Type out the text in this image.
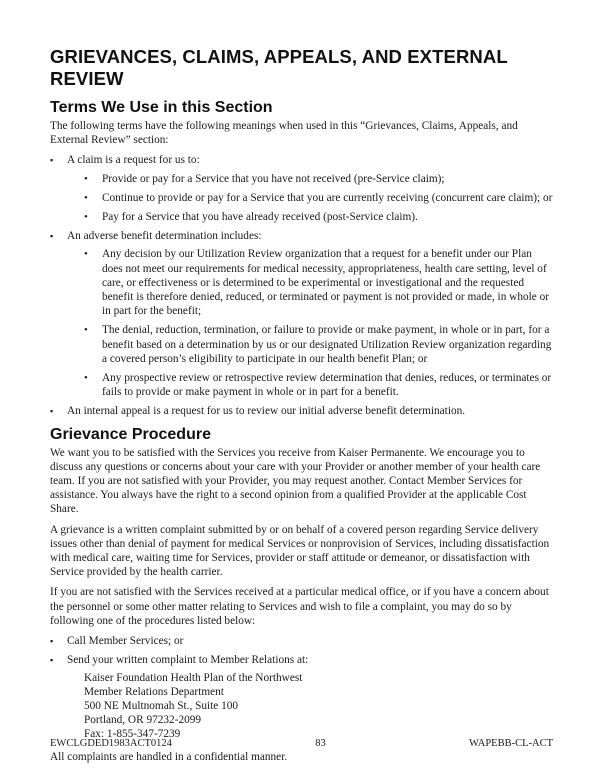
GRIEVANCES, CLAIMS, APPEALS, AND EXTERNAL REVIEW
Terms We Use in this Section

The following terms have the following meanings when used in this “Grievances, Claims, Appeals, and External Review” section:

▪ A claim is a request for us to:
• Provide or pay for a Service that you have not received (pre-Service claim);
• Continue to provide or pay for a Service that you are currently receiving (concurrent care claim); or
• Pay for a Service that you have already received (post-Service claim).
▪ An adverse benefit determination includes:
• Any decision by our Utilization Review organization that a request for a benefit under our Plan does not meet our requirements for medical necessity, appropriateness, health care setting, level of care, or effectiveness or is determined to be experimental or investigational and the requested benefit is therefore denied, reduced, or terminated or payment is not provided or made, in whole or in part for the benefit;
• The denial, reduction, termination, or failure to provide or make payment, in whole or in part, for a benefit based on a determination by us or our designated Utilization Review organization regarding a covered person’s eligibility to participate in our health benefit Plan; or
• Any prospective review or retrospective review determination that denies, reduces, or terminates or fails to provide or make payment in whole or in part for a benefit.
▪ An internal appeal is a request for us to review our initial adverse benefit determination.
Grievance Procedure

We want you to be satisfied with the Services you receive from Kaiser Permanente. We encourage you to discuss any questions or concerns about your care with your Provider or another member of your health care team. If you are not satisfied with your Provider, you may request another. Contact Member Services for assistance. You always have the right to a second opinion from a qualified Provider at the applicable Cost Share.

A grievance is a written complaint submitted by or on behalf of a covered person regarding Service delivery issues other than denial of payment for medical Services or nonprovision of Services, including dissatisfaction with medical care, waiting time for Services, provider or staff attitude or demeanor, or dissatisfaction with Service provided by the health carrier.

If you are not satisfied with the Services received at a particular medical office, or if you have a concern about the personnel or some other matter relating to Services and wish to file a complaint, you may do so by following one of the procedures listed below:

▪ Call Member Services; or
▪ Send your written complaint to Member Relations at:
Kaiser Foundation Health Plan of the Northwest
Member Relations Department
500 NE Multnomah St., Suite 100
Portland, OR 97232-2099
Fax: 1-855-347-7239

All complaints are handled in a confidential manner.

EWCLGDED1983ACT0124	83	WAPEBB-CL-ACT
